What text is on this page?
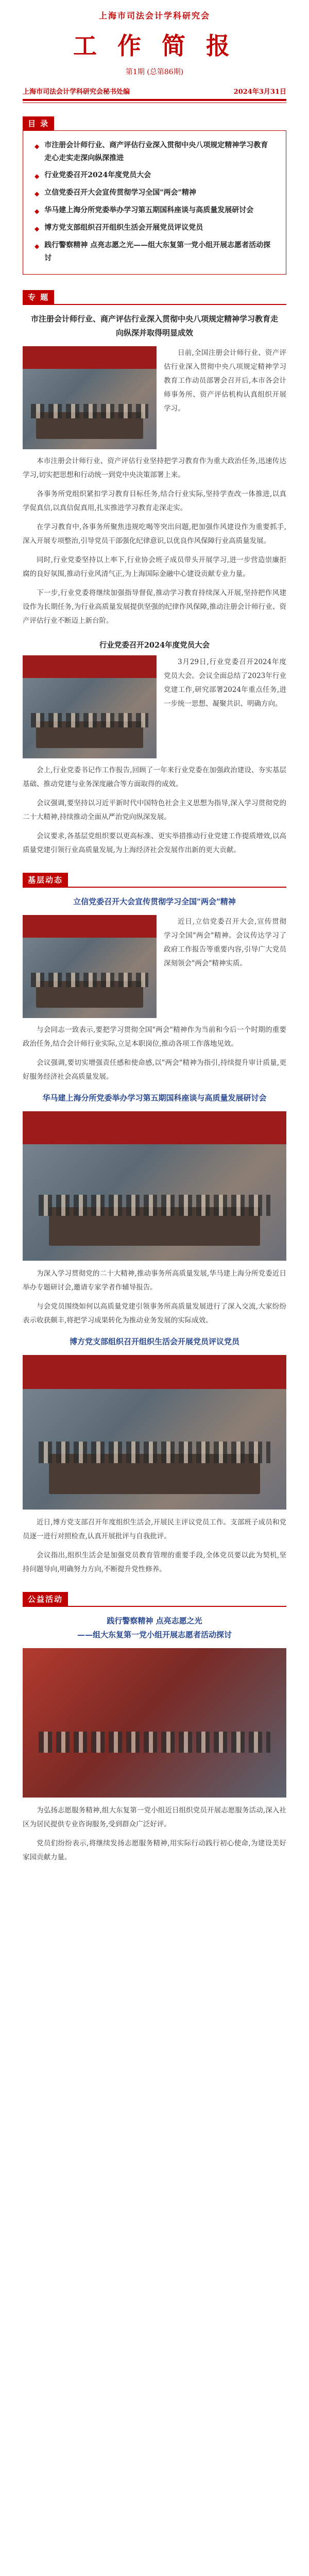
上海市司法会计学科研究会
工 作 简 报
第1期 (总第86期)
上海市司法会计学科研究会秘书处编	2024年3月31日
目 录
◆ 市注册会计师行业、商产评估行业深入贯彻中央八项规定精神学习教育走心走实走深向纵深推进
◆ 行业党委召开2024年度党员大会
◆ 立信党委召开大会宣传贯彻学习全国"两会"精神
◆ 华马建上海分所党委举办学习第五期国科座谈与高质量发展研讨会
◆ 博方党支部组织召开组织生活会开展党员评议党员
◆ 践行警察精神 点亮志愿之光——组大东复第一党小组开展志愿者活动探讨
专 题
市注册会计师行业、商产评估行业深入贯彻中央八项规定精神学习教育走向纵深并取得明显成效

日前,全国注册会计师行业、资产评估行业深入贯彻中央八项规定精神学习教育工作动员部署会召开后,本市各会计师事务所、资产评估机构认真组织开展学习。

本市注册会计师行业、资产评估行业坚持把学习教育作为重大政治任务,迅速传达学习,切实把思想和行动统一到党中央决策部署上来。

各事务所党组织紧扣学习教育目标任务,结合行业实际,坚持学查改一体推进,以真学促真信,以真信促真用,扎实推进学习教育走深走实。

在学习教育中,各事务所聚焦违规吃喝等突出问题,把加强作风建设作为重要抓手,深入开展专项整治,引导党员干部强化纪律意识,以优良作风保障行业高质量发展。

同时,行业党委坚持以上率下,行业协会班子成员带头开展学习,进一步营造崇廉拒腐的良好氛围,推动行业风清气正,为上海国际金融中心建设贡献专业力量。

下一步,行业党委将继续加强指导督促,推动学习教育持续深入开展,坚持把作风建设作为长期任务,为行业高质量发展提供坚强的纪律作风保障,推动注册会计师行业、资产评估行业不断迈上新台阶。

行业党委召开2024年度党员大会

3月29日,行业党委召开2024年度党员大会。会议全面总结了2023年行业党建工作,研究部署2024年重点任务,进一步统一思想、凝聚共识、明确方向。

会上,行业党委书记作工作报告,回顾了一年来行业党委在加强政治建设、夯实基层基础、推动党建与业务深度融合等方面取得的成效。

会议强调,要坚持以习近平新时代中国特色社会主义思想为指导,深入学习贯彻党的二十大精神,持续推动全面从严治党向纵深发展。

会议要求,各基层党组织要以更高标准、更实举措推动行业党建工作提质增效,以高质量党建引领行业高质量发展,为上海经济社会发展作出新的更大贡献。

基层动态
立信党委召开大会宣传贯彻学习全国"两会"精神

近日,立信党委召开大会,宣传贯彻学习全国"两会"精神。会议传达学习了政府工作报告等重要内容,引导广大党员深刻领会"两会"精神实质。

与会同志一致表示,要把学习贯彻全国"两会"精神作为当前和今后一个时期的重要政治任务,结合会计师行业实际,立足本职岗位,推动各项工作落地见效。

会议强调,要切实增强责任感和使命感,以"两会"精神为指引,持续提升审计质量,更好服务经济社会高质量发展。

华马建上海分所党委举办学习第五期国科座谈与高质量发展研讨会

为深入学习贯彻党的二十大精神,推动事务所高质量发展,华马建上海分所党委近日举办专题研讨会,邀请专家学者作辅导报告。

与会党员围绕如何以高质量党建引领事务所高质量发展进行了深入交流,大家纷纷表示收获颇丰,将把学习成果转化为推动业务发展的实际成效。

博方党支部组织召开组织生活会开展党员评议党员

近日,博方党支部召开年度组织生活会,开展民主评议党员工作。支部班子成员和党员逐一进行对照检查,认真开展批评与自我批评。

会议指出,组织生活会是加强党员教育管理的重要手段,全体党员要以此为契机,坚持问题导向,明确努力方向,不断提升党性修养。

公益活动
践行警察精神 点亮志愿之光
——组大东复第一党小组开展志愿者活动探讨

为弘扬志愿服务精神,组大东复第一党小组近日组织党员开展志愿服务活动,深入社区为居民提供专业咨询服务,受到群众广泛好评。

党员们纷纷表示,将继续发扬志愿服务精神,用实际行动践行初心使命,为建设美好家园贡献力量。
